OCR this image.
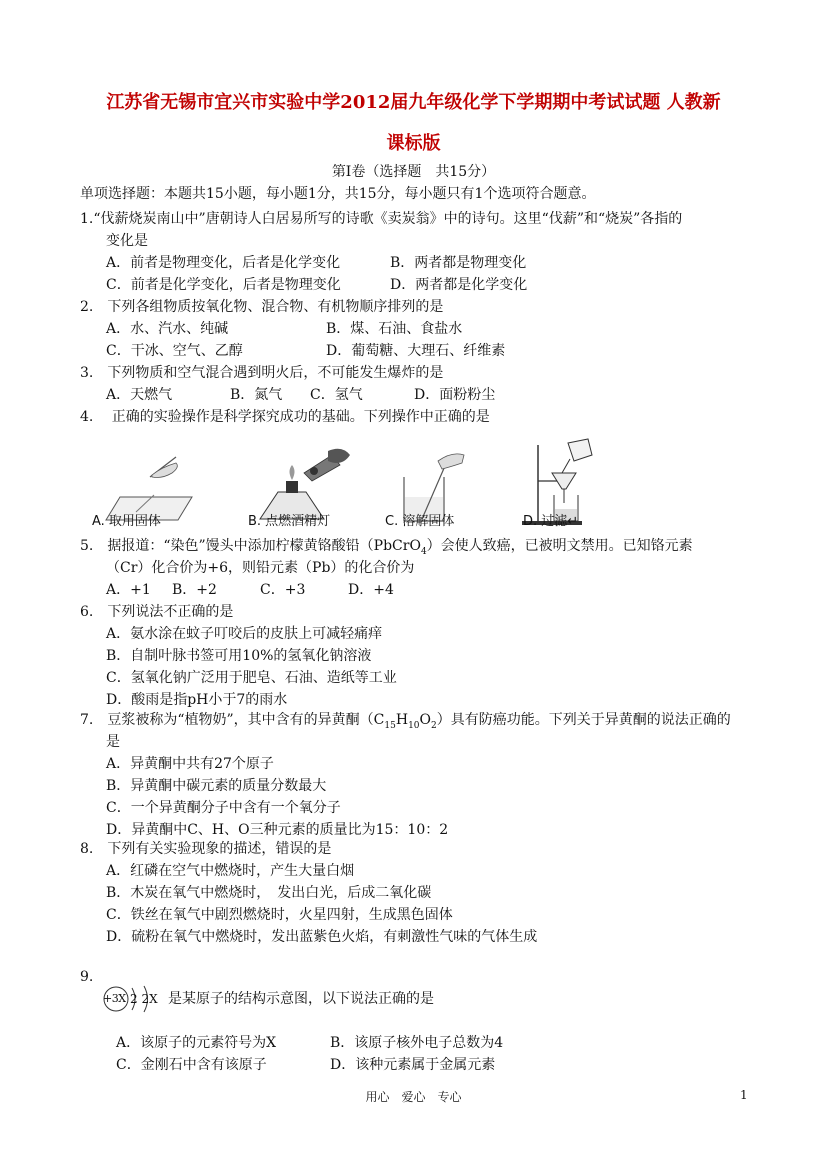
江苏省无锡市宜兴市实验中学2012届九年级化学下学期期中考试试题 人教新
课标版
第Ⅰ卷（选择题　共15分）
单项选择题：本题共15小题，每小题1分，共15分，每小题只有1个选项符合题意。
1.“伐薪烧炭南山中”唐朝诗人白居易所写的诗歌《卖炭翁》中的诗句。这里“伐薪”和“烧炭”各指的
变化是
A．前者是物理变化，后者是化学变化	B．两者都是物理变化
C．前者是化学变化，后者是物理变化	D．两者都是化学变化
2.　下列各组物质按氧化物、混合物、有机物顺序排列的是
A．水、汽水、纯碱	B．煤、石油、食盐水
C．干冰、空气、乙醇	D．葡萄糖、大理石、纤维素
3.　下列物质和空气混合遇到明火后，不可能发生爆炸的是
A．天燃气	B．氮气 C．氢气	D．面粉粉尘
4.　 正确的实验操作是科学探究成功的基础。下列操作中正确的是
A. 取用固体	B. 点燃酒精灯	C. 溶解固体	D. 过滤↵
5.　据报道：“染色”馒头中添加柠檬黄铬酸铅（PbCrO$_4$）会使人致癌，已被明文禁用。已知铬元素
（Cr）化合价为+6，则铅元素（Pb）的化合价为
A．+1 B．+2	C．+3	D．+4
6.　下列说法不正确的是
A．氨水涂在蚊子叮咬后的皮肤上可减轻痛痒
B．自制叶脉书签可用10%的氢氧化钠溶液
C．氢氧化钠广泛用于肥皂、石油、造纸等工业
D．酸雨是指pH小于7的雨水
7.　豆浆被称为“植物奶”，其中含有的异黄酮$(C_{15}H_{10}O_2)$具有防癌功能。下列关于异黄酮的说法正确的
是
A．异黄酮中共有27个原子
B．异黄酮中碳元素的质量分数最大
C．一个异黄酮分子中含有一个氧分子
D．异黄酮中C、H、O三种元素的质量比为15：10：2
8.　下列有关实验现象的描述，错误的是
A．红磷在空气中燃烧时，产生大量白烟
B．木炭在氧气中燃烧时，　发出白光，后成二氧化碳
C．铁丝在氧气中剧烈燃烧时，火星四射，生成黑色固体
D．硫粉在氧气中燃烧时，发出蓝紫色火焰，有刺激性气味的气体生成
9.
+3X 2 2X 是某原子的结构示意图，以下说法正确的是
A．该原子的元素符号为X	B．该原子核外电子总数为4
C．金刚石中含有该原子	D．该种元素属于金属元素
用心　爱心　专心	1
